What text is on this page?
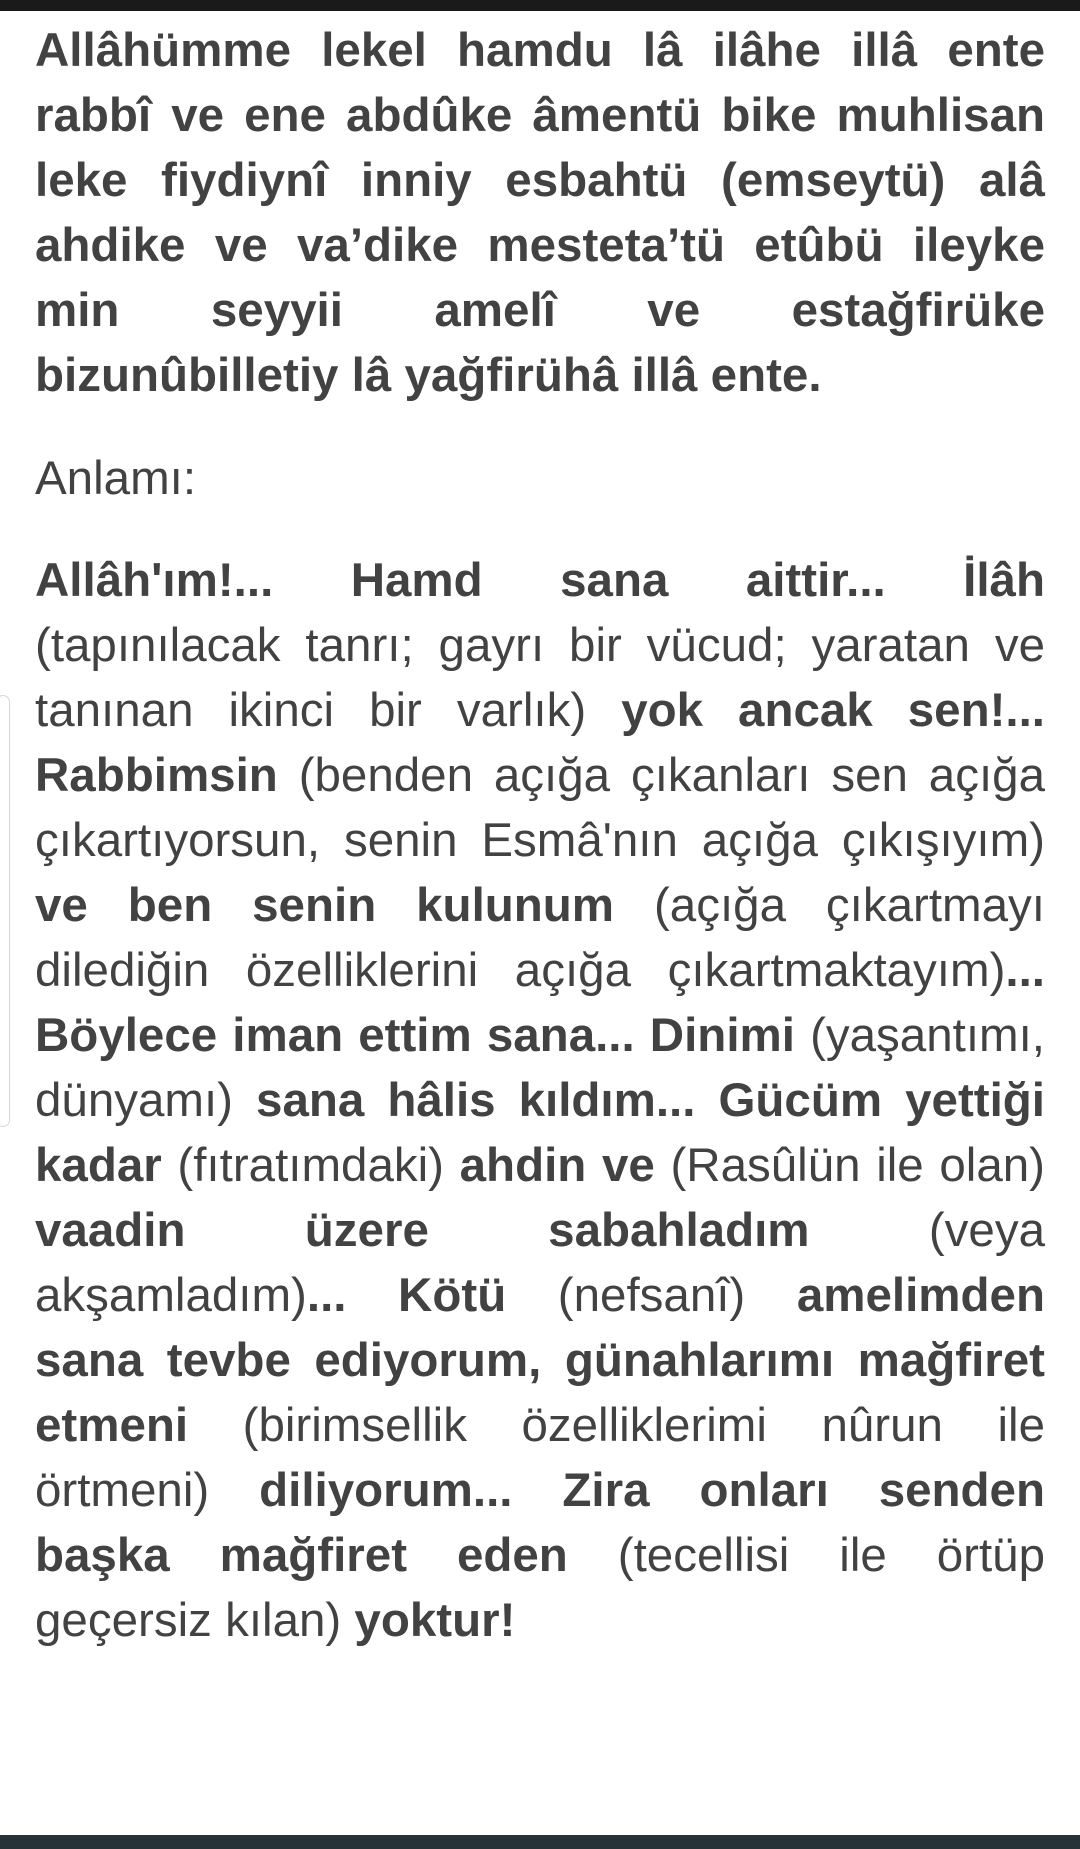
Allâhümme lekel hamdu lâ ilâhe illâ ente rabbî ve ene abdûke âmentü bike muhlisan leke fiydiynî inniy esbahtü (emseytü) alâ ahdike ve va’dike mesteta’tü etûbü ileyke min seyyii amelî ve estağfirüke bizunûbilletiy lâ yağfirühâ illâ ente.

Anlamı:

Allâh'ım!... Hamd sana aittir... İlâh (tapınılacak tanrı; gayrı bir vücud; yaratan ve tanınan ikinci bir varlık) yok ancak sen!... Rabbimsin (benden açığa çıkanları sen açığa çıkartıyorsun, senin Esmâ'nın açığa çıkışıyım) ve ben senin kulunum (açığa çıkartmayı dilediğin özelliklerini açığa çıkartmaktayım)... Böylece iman ettim sana... Dinimi (yaşantımı, dünyamı) sana hâlis kıldım... Gücüm yettiği kadar (fıtratımdaki) ahdin ve (Rasûlün ile olan) vaadin üzere sabahladım (veya akşamladım)... Kötü (nefsanî) amelimden sana tevbe ediyorum, günahlarımı mağfiret etmeni (birimsellik özelliklerimi nûrun ile örtmeni) diliyorum... Zira onları senden başka mağfiret eden (tecellisi ile örtüp geçersiz kılan) yoktur!
